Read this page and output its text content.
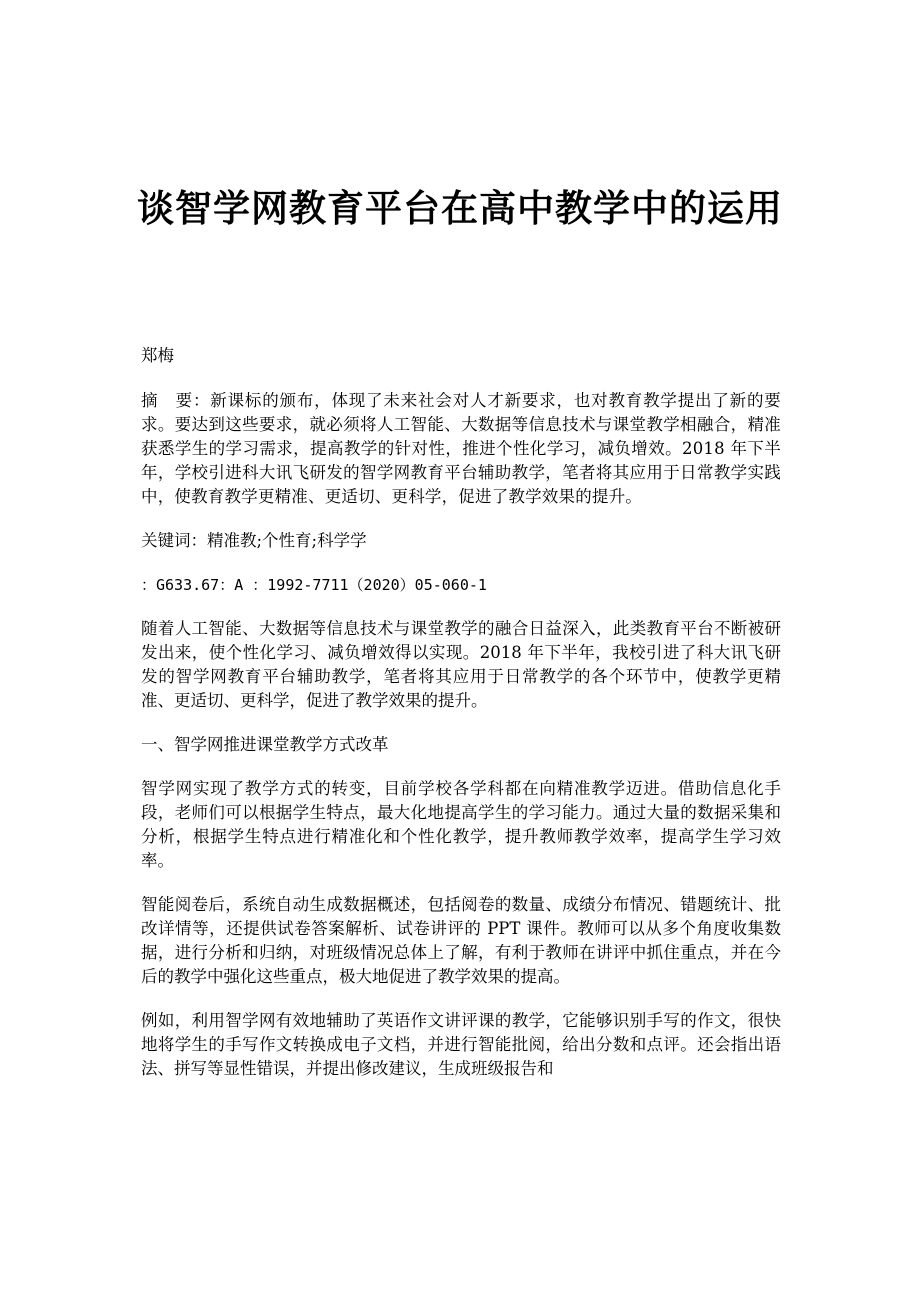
谈智学网教育平台在高中教学中的运用

郑梅

摘　要：新课标的颁布，体现了未来社会对人才新要求，也对教育教学提出了新的要求。要达到这些要求，就必须将人工智能、大数据等信息技术与课堂教学相融合，精准获悉学生的学习需求，提高教学的针对性，推进个性化学习，减负增效。2018 年下半年，学校引进科大讯飞研发的智学网教育平台辅助教学，笔者将其应用于日常教学实践中，使教育教学更精准、更适切、更科学，促进了教学效果的提升。

关键词：精准教;个性育;科学学

：G633.67：A ：1992-7711（2020）05-060-1

随着人工智能、大数据等信息技术与课堂教学的融合日益深入，此类教育平台不断被研发出来，使个性化学习、减负增效得以实现。2018 年下半年，我校引进了科大讯飞研发的智学网教育平台辅助教学，笔者将其应用于日常教学的各个环节中，使教学更精准、更适切、更科学，促进了教学效果的提升。

一、智学网推进课堂教学方式改革

智学网实现了教学方式的转变，目前学校各学科都在向精准教学迈进。借助信息化手段，老师们可以根据学生特点，最大化地提高学生的学习能力。通过大量的数据采集和分析，根据学生特点进行精准化和个性化教学，提升教师教学效率，提高学生学习效率。

智能阅卷后，系统自动生成数据概述，包括阅卷的数量、成绩分布情况、错题统计、批改详情等，还提供试卷答案解析、试卷讲评的 PPT 课件。教师可以从多个角度收集数据，进行分析和归纳，对班级情况总体上了解，有利于教师在讲评中抓住重点，并在今后的教学中强化这些重点，极大地促进了教学效果的提高。

例如，利用智学网有效地辅助了英语作文讲评课的教学，它能够识别手写的作文，很快地将学生的手写作文转换成电子文档，并进行智能批阅，给出分数和点评。还会指出语法、拼写等显性错误，并提出修改建议，生成班级报告和
